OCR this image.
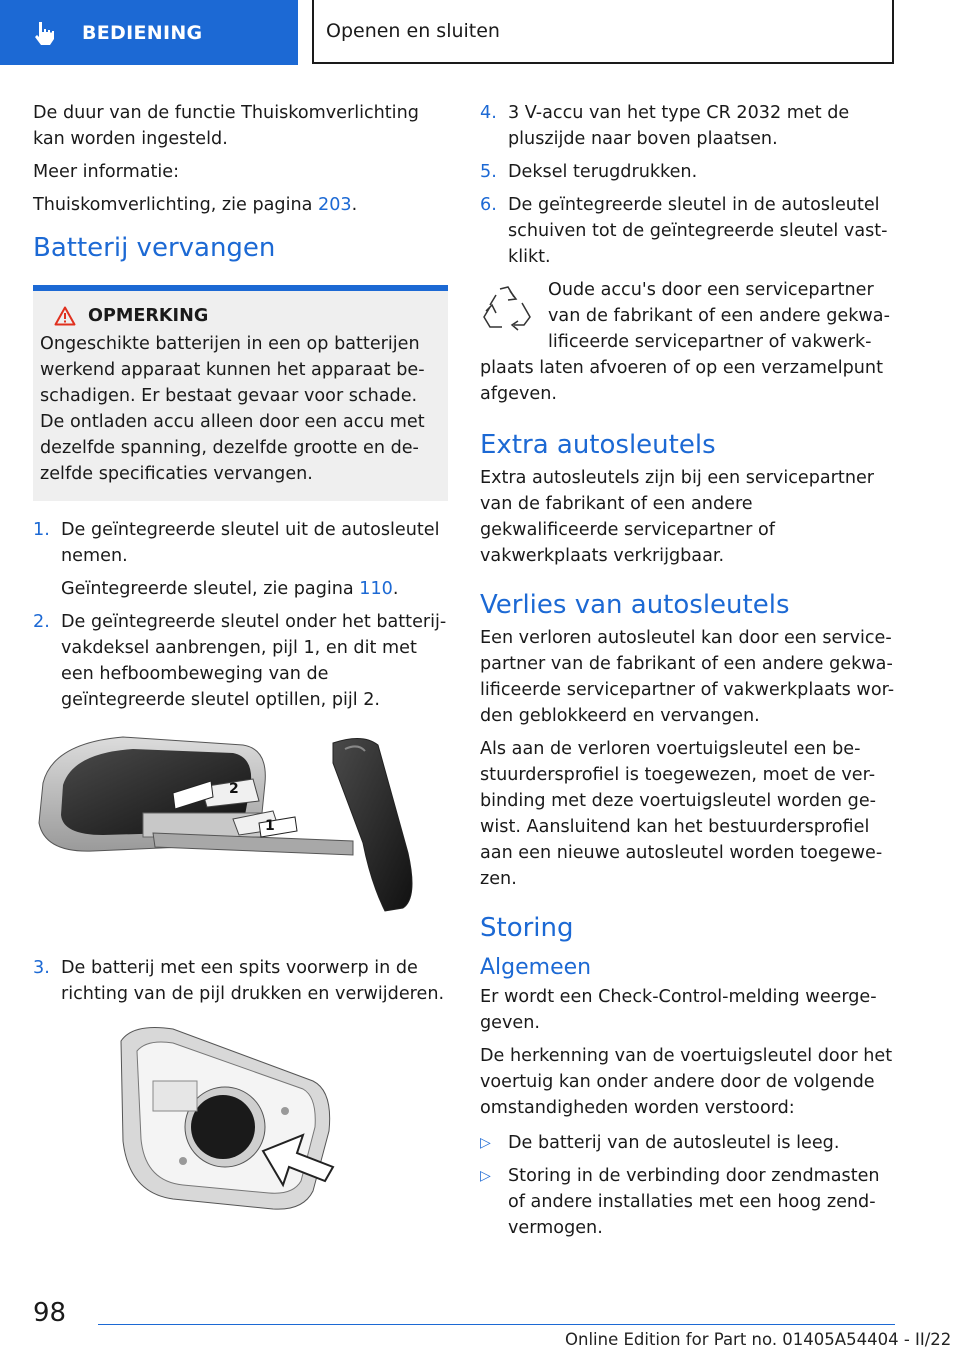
BEDIENING	Openen en sluiten

De duur van de functie Thuiskomverlichting kan worden ingesteld.

Meer informatie:

Thuiskomverlichting, zie pagina 203.

Batterij vervangen
OPMERKING
Ongeschikte batterijen in een op batterijen werkend apparaat kunnen het apparaat be-schadigen. Er bestaat gevaar voor schade. De ontladen accu alleen door een accu met dezelfde spanning, dezelfde grootte en de-zelfde specificaties vervangen.
1. De geïntegreerde sleutel uit de autosleutel nemen.
Geïntegreerde sleutel, zie pagina 110.
2. De geïntegreerde sleutel onder het batterij-vakdeksel aanbrengen, pijl 1, en dit met een hefboombeweging van de geïntegreerde sleutel optillen, pijl 2.
2
1
3. De batterij met een spits voorwerp in de richting van de pijl drukken en verwijderen.
4. 3 V-accu van het type CR 2032 met de pluszijde naar boven plaatsen.
5. Deksel terugdrukken.
6. De geïntegreerde sleutel in de autosleutel schuiven tot de geïntegreerde sleutel vast-klikt.
Oude accu's door een servicepartner van de fabrikant of een andere gekwa-lificeerde servicepartner of vakwerk-
plaats laten afvoeren of op een verzamelpunt afgeven.
Extra autosleutels

Extra autosleutels zijn bij een servicepartner van de fabrikant of een andere gekwalificeerde servicepartner of vakwerkplaats verkrijgbaar.

Verlies van autosleutels

Een verloren autosleutel kan door een service-partner van de fabrikant of een andere gekwa-lificeerde servicepartner of vakwerkplaats wor-den geblokkeerd en vervangen.

Als aan de verloren voertuigsleutel een be-stuurdersprofiel is toegewezen, moet de ver-binding met deze voertuigsleutel worden ge-wist. Aansluitend kan het bestuurdersprofiel aan een nieuwe autosleutel worden toegewe-zen.

Storing
Algemeen

Er wordt een Check-Control-melding weerge-geven.

De herkenning van de voertuigsleutel door het voertuig kan onder andere door de volgende omstandigheden worden verstoord:

▷ De batterij van de autosleutel is leeg.
▷ Storing in de verbinding door zendmasten of andere installaties met een hoog zend-vermogen.
98
Online Edition for Part no. 01405A54404 - II/22
